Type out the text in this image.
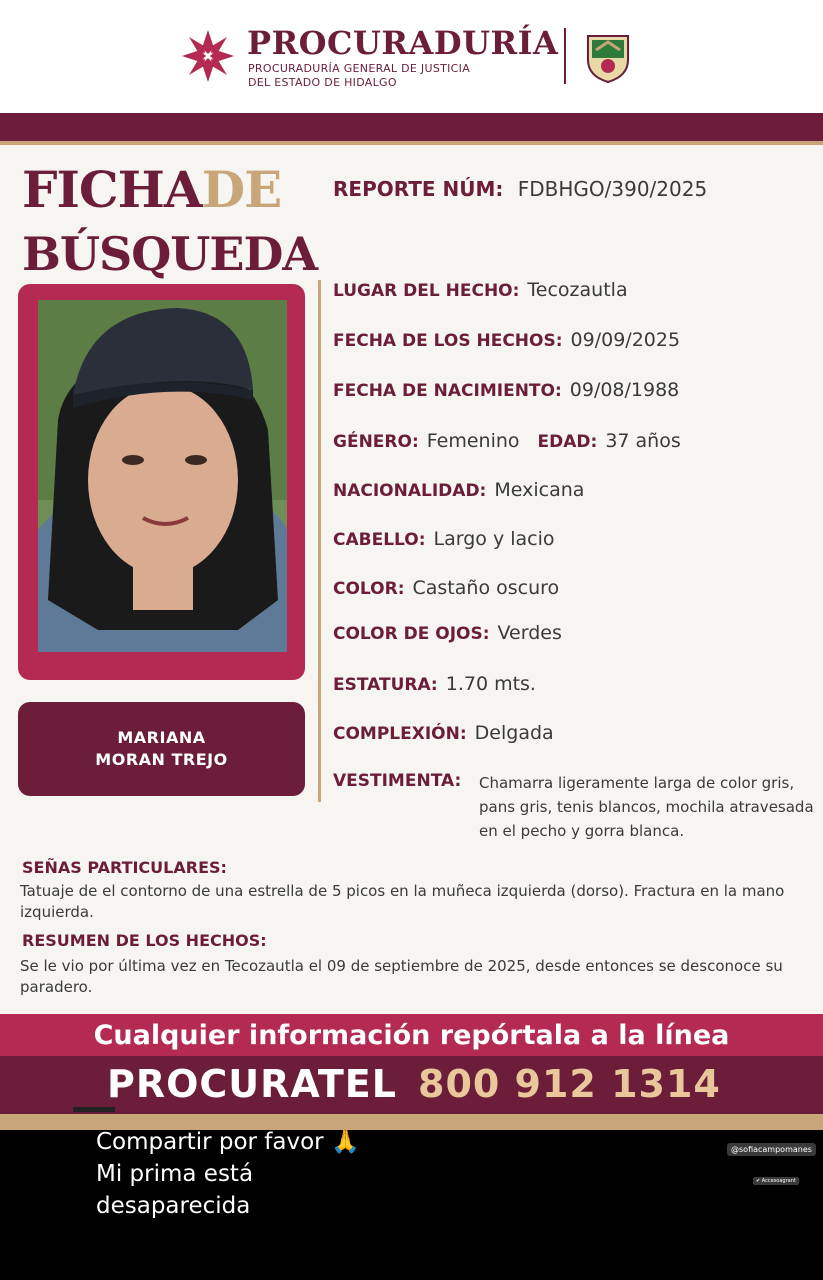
PROCURADURÍA
PROCURADURÍA GENERAL DE JUSTICIA
DEL ESTADO DE HIDALGO
FICHADE
BÚSQUEDA
MARIANA
MORAN TREJO
REPORTE NÚM: FDBHGO/390/2025
LUGAR DEL HECHO: Tecozautla
FECHA DE LOS HECHOS: 09/09/2025
FECHA DE NACIMIENTO: 09/08/1988
GÉNERO: Femenino EDAD: 37 años
NACIONALIDAD: Mexicana
CABELLO: Largo y lacio
COLOR: Castaño oscuro
COLOR DE OJOS: Verdes
ESTATURA: 1.70 mts.
COMPLEXIÓN: Delgada
VESTIMENTA: Chamarra ligeramente larga de color gris, pans gris, tenis blancos, mochila atravesada en el pecho y gorra blanca.
SEÑAS PARTICULARES:
Tatuaje de el contorno de una estrella de 5 picos en la muñeca izquierda (dorso). Fractura en la mano izquierda.
RESUMEN DE LOS HECHOS:
Se le vio por última vez en Tecozautla el 09 de septiembre de 2025, desde entonces se desconoce su paradero.
Cualquier información repórtala a la línea
PROCURATEL 800 912 1314
Compartir por favor 🙏
Mi prima está
desaparecida
@sofiacampomanes
✔ Accesoagrant
